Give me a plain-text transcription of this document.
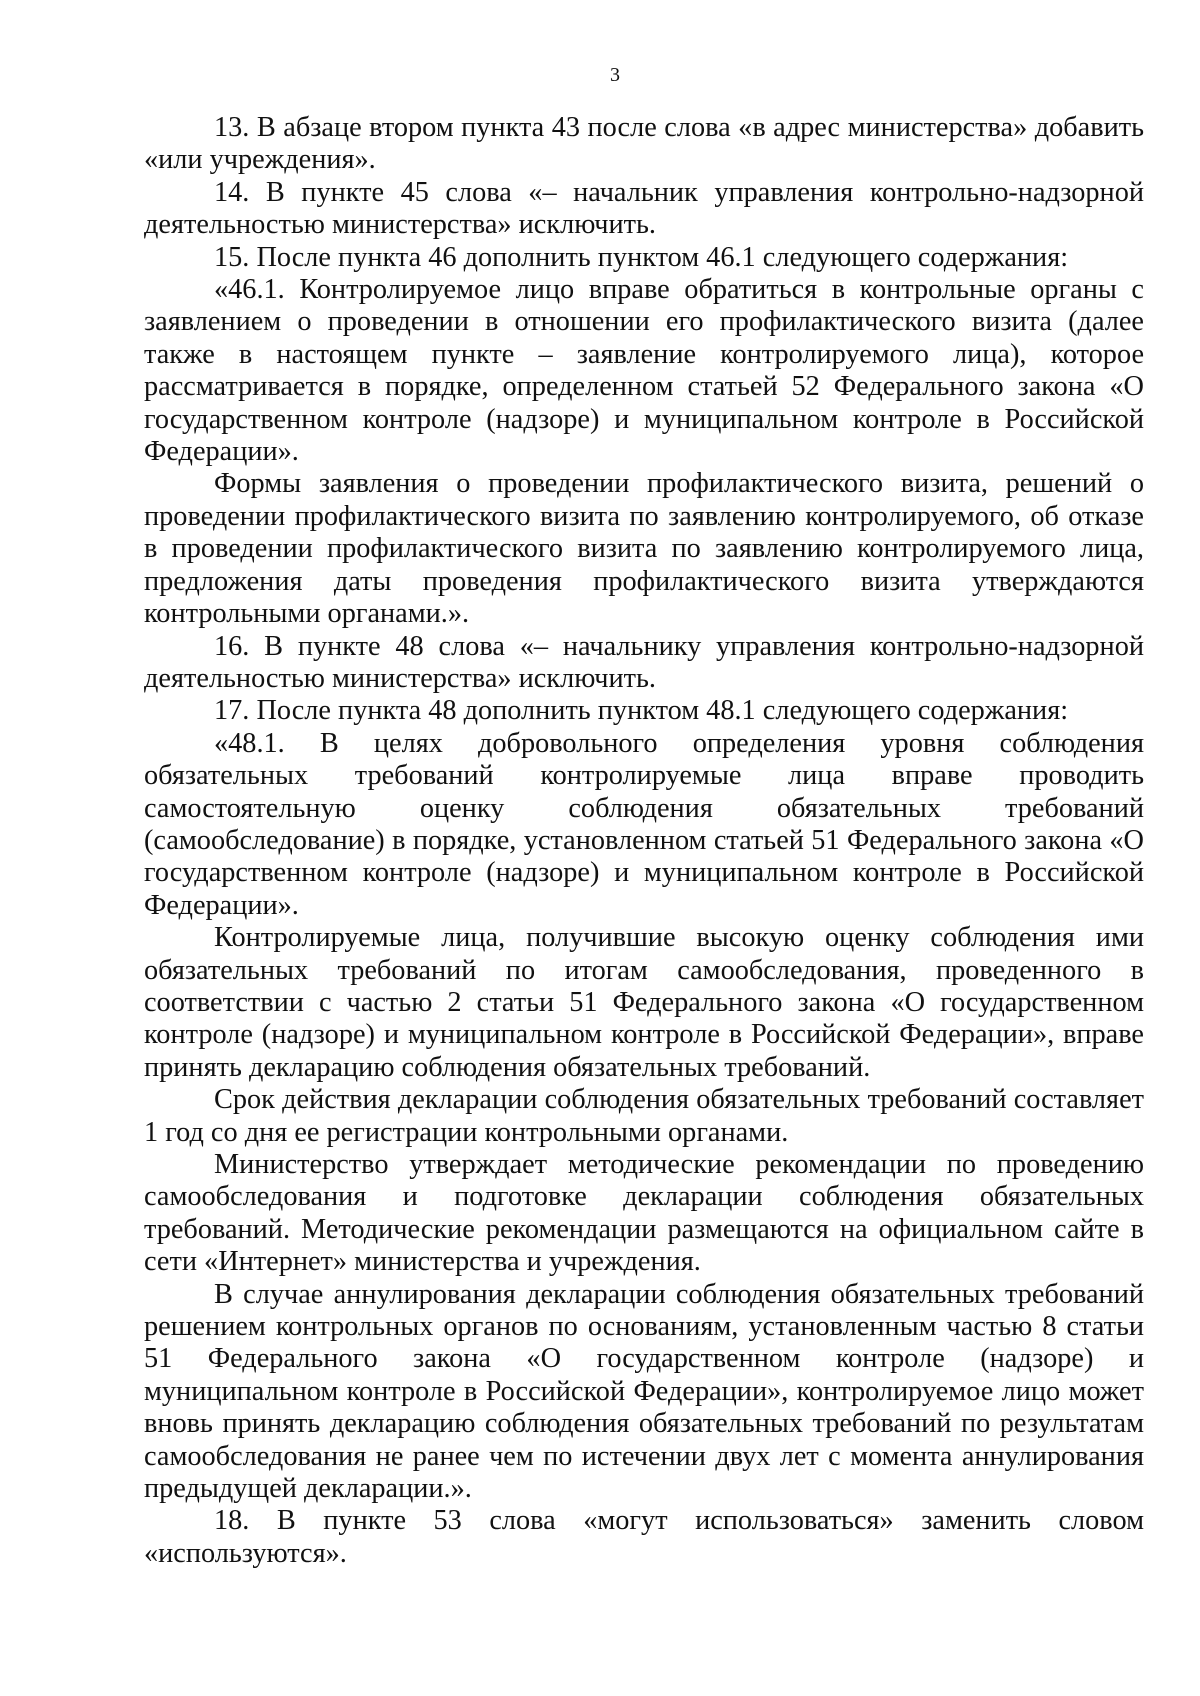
3

13. В абзаце втором пункта 43 после слова «в адрес министерства» добавить «или учреждения».

14. В пункте 45 слова «– начальник управления контрольно-надзорной деятельностью министерства» исключить.

15. После пункта 46 дополнить пунктом 46.1 следующего содержания:

«46.1. Контролируемое лицо вправе обратиться в контрольные органы с заявлением о проведении в отношении его профилактического визита (далее также в настоящем пункте – заявление контролируемого лица), которое рассматривается в порядке, определенном статьей 52 Федерального закона «О государственном контроле (надзоре) и муниципальном контроле в Российской Федерации».

Формы заявления о проведении профилактического визита, решений о проведении профилактического визита по заявлению контролируемого, об отказе в проведении профилактического визита по заявлению контролируемого лица, предложения даты проведения профилактического визита утверждаются контрольными органами.».

16. В пункте 48 слова «– начальнику управления контрольно-надзорной деятельностью министерства» исключить.

17. После пункта 48 дополнить пунктом 48.1 следующего содержания:

«48.1. В целях добровольного определения уровня соблюдения обязательных требований контролируемые лица вправе проводить самостоятельную оценку соблюдения обязательных требований (самообследование) в порядке, установленном статьей 51 Федерального закона «О государственном контроле (надзоре) и муниципальном контроле в Российской Федерации».

Контролируемые лица, получившие высокую оценку соблюдения ими обязательных требований по итогам самообследования, проведенного в соответствии с частью 2 статьи 51 Федерального закона «О государственном контроле (надзоре) и муниципальном контроле в Российской Федерации», вправе принять декларацию соблюдения обязательных требований.

Срок действия декларации соблюдения обязательных требований составляет 1 год со дня ее регистрации контрольными органами.

Министерство утверждает методические рекомендации по проведению самообследования и подготовке декларации соблюдения обязательных требований. Методические рекомендации размещаются на официальном сайте в сети «Интернет» министерства и учреждения.

В случае аннулирования декларации соблюдения обязательных требований решением контрольных органов по основаниям, установленным частью 8 статьи 51 Федерального закона «О государственном контроле (надзоре) и муниципальном контроле в Российской Федерации», контролируемое лицо может вновь принять декларацию соблюдения обязательных требований по результатам самообследования не ранее чем по истечении двух лет с момента аннулирования предыдущей декларации.».

18. В пункте 53 слова «могут использоваться» заменить словом «используются».
